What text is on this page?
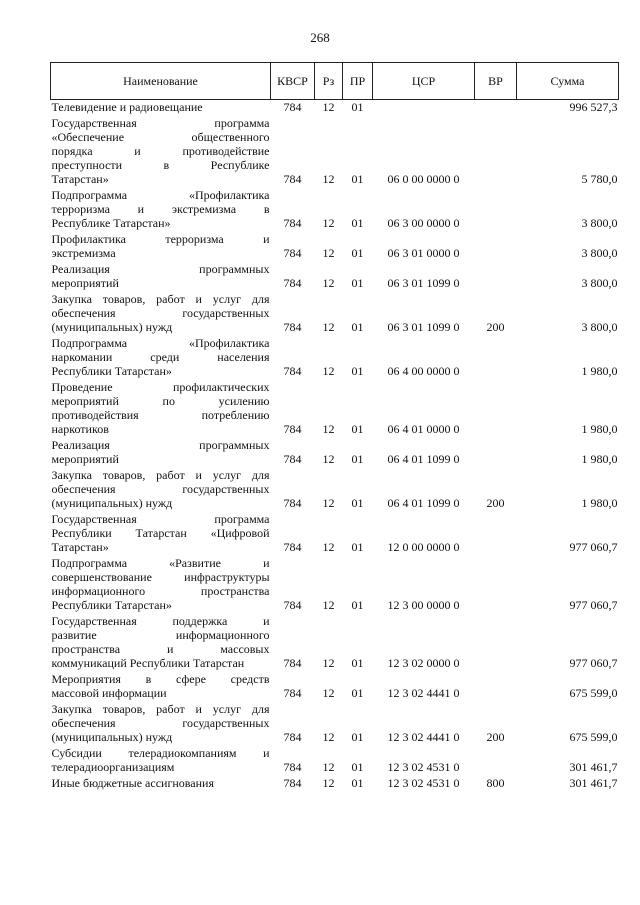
268
Наименование	КВСР	Рз	ПР	ЦСР	ВР	Сумма

Телевидение и радиовещание	784	12	01			996 527,3

Государственная программа
«Обеспечение общественного
порядка и противодействие
преступности в Республике
Татарстан»	784	12	01	06 0 00 0000 0		5 780,0

Подпрограмма «Профилактика
терроризма и экстремизма в
Республике Татарстан»	784	12	01	06 3 00 0000 0		3 800,0

Профилактика терроризма и
экстремизма	784	12	01	06 3 01 0000 0		3 800,0

Реализация программных
мероприятий	784	12	01	06 3 01 1099 0		3 800,0

Закупка товаров, работ и услуг для
обеспечения государственных
(муниципальных) нужд	784	12	01	06 3 01 1099 0	200	3 800,0

Подпрограмма «Профилактика
наркомании среди населения
Республики Татарстан»	784	12	01	06 4 00 0000 0		1 980,0

Проведение профилактических
мероприятий по усилению
противодействия потреблению
наркотиков	784	12	01	06 4 01 0000 0		1 980,0

Реализация программных
мероприятий	784	12	01	06 4 01 1099 0		1 980,0

Закупка товаров, работ и услуг для
обеспечения государственных
(муниципальных) нужд	784	12	01	06 4 01 1099 0	200	1 980,0

Государственная программа
Республики Татарстан «Цифровой
Татарстан»	784	12	01	12 0 00 0000 0		977 060,7

Подпрограмма «Развитие и
совершенствование инфраструктуры
информационного пространства
Республики Татарстан»	784	12	01	12 3 00 0000 0		977 060,7

Государственная поддержка и
развитие информационного
пространства и массовых
коммуникаций Республики Татарстан	784	12	01	12 3 02 0000 0		977 060,7

Мероприятия в сфере средств
массовой информации	784	12	01	12 3 02 4441 0		675 599,0

Закупка товаров, работ и услуг для
обеспечения государственных
(муниципальных) нужд	784	12	01	12 3 02 4441 0	200	675 599,0

Субсидии телерадиокомпаниям и
телерадиоорганизациям	784	12	01	12 3 02 4531 0		301 461,7

Иные бюджетные ассигнования	784	12	01	12 3 02 4531 0	800	301 461,7
